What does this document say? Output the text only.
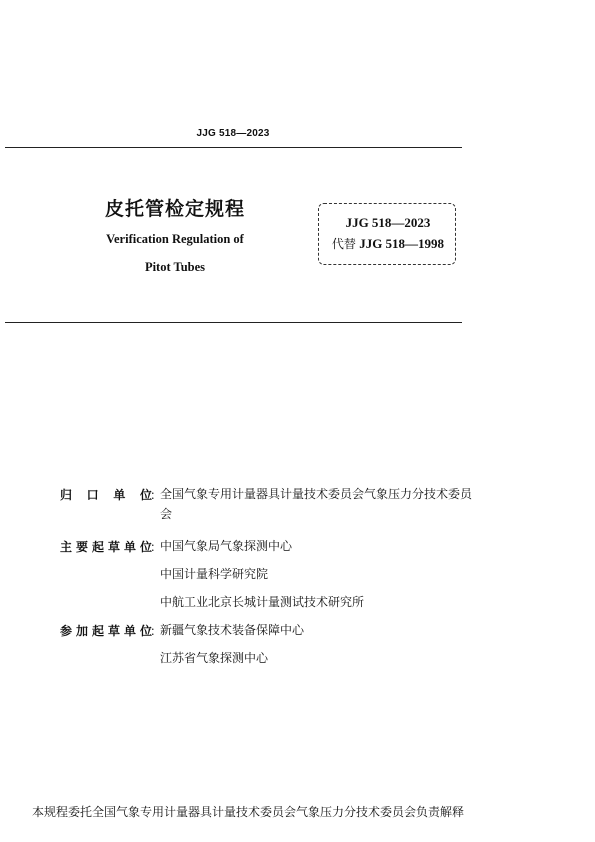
JJG 518—2023
皮托管检定规程
Verification Regulation of
Pitot Tubes
JJG 518—2023
代替 JJG 518—1998
归口单位
：
全国气象专用计量器具计量技术委员会气象压力分技术委员会
主要起草单位
：
中国气象局气象探测中心
中国计量科学研究院
中航工业北京长城计量测试技术研究所
参加起草单位
：
新疆气象技术装备保障中心
江苏省气象探测中心
本规程委托全国气象专用计量器具计量技术委员会气象压力分技术委员会负责解释
